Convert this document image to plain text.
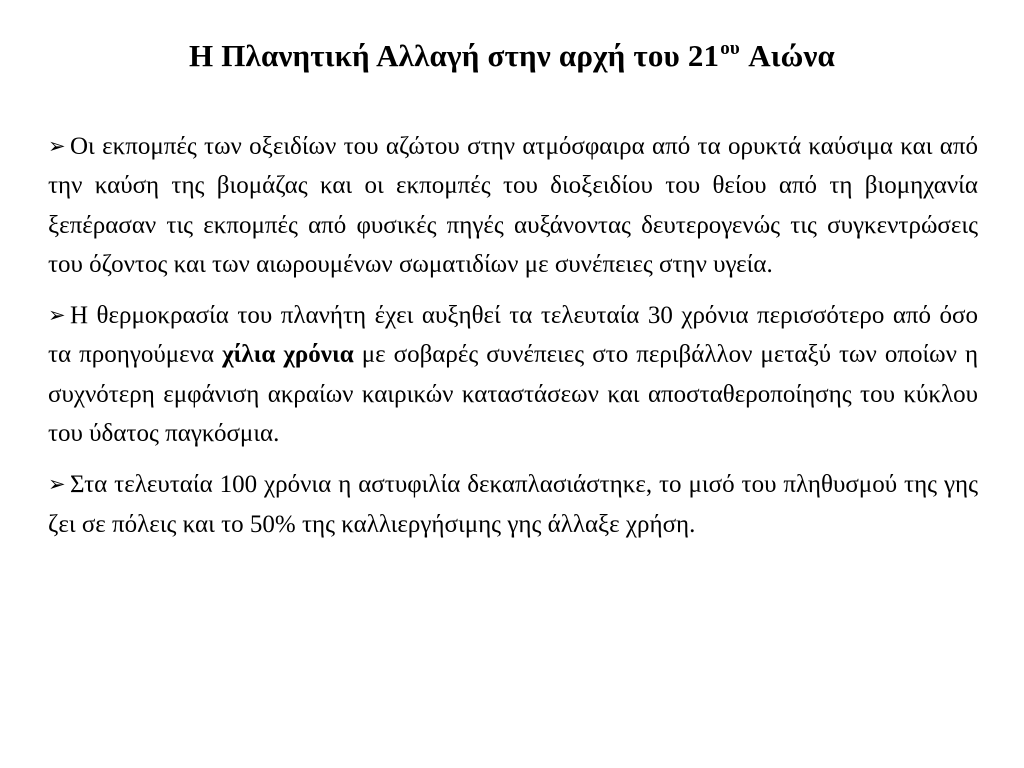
Η Πλανητική Αλλαγή στην αρχή του $21^{o\upsilon}$ Αιώνα

➢ Οι εκπομπές των οξειδίων του αζώτου στην ατμόσφαιρα από τα ορυκτά καύσιμα και από την καύση της βιομάζας και οι εκπομπές του διοξειδίου του θείου από τη βιομηχανία ξεπέρασαν τις εκπομπές από φυσικές πηγές αυξάνοντας δευτερογενώς τις συγκεντρώσεις του όζοντος και των αιωρουμένων σωματιδίων με συνέπειες στην υγεία.

➢ Η θερμοκρασία του πλανήτη έχει αυξηθεί τα τελευταία 30 χρόνια περισσότερο από όσο τα προηγούμενα χίλια χρόνια με σοβαρές συνέπειες στο περιβάλλον μεταξύ των οποίων η συχνότερη εμφάνιση ακραίων καιρικών καταστάσεων και αποσταθεροποίησης του κύκλου του ύδατος παγκόσμια.

➢ Στα τελευταία 100 χρόνια η αστυφιλία δεκαπλασιάστηκε, το μισό του πληθυσμού της γης ζει σε πόλεις και το 50% της καλλιεργήσιμης γης άλλαξε χρήση.
